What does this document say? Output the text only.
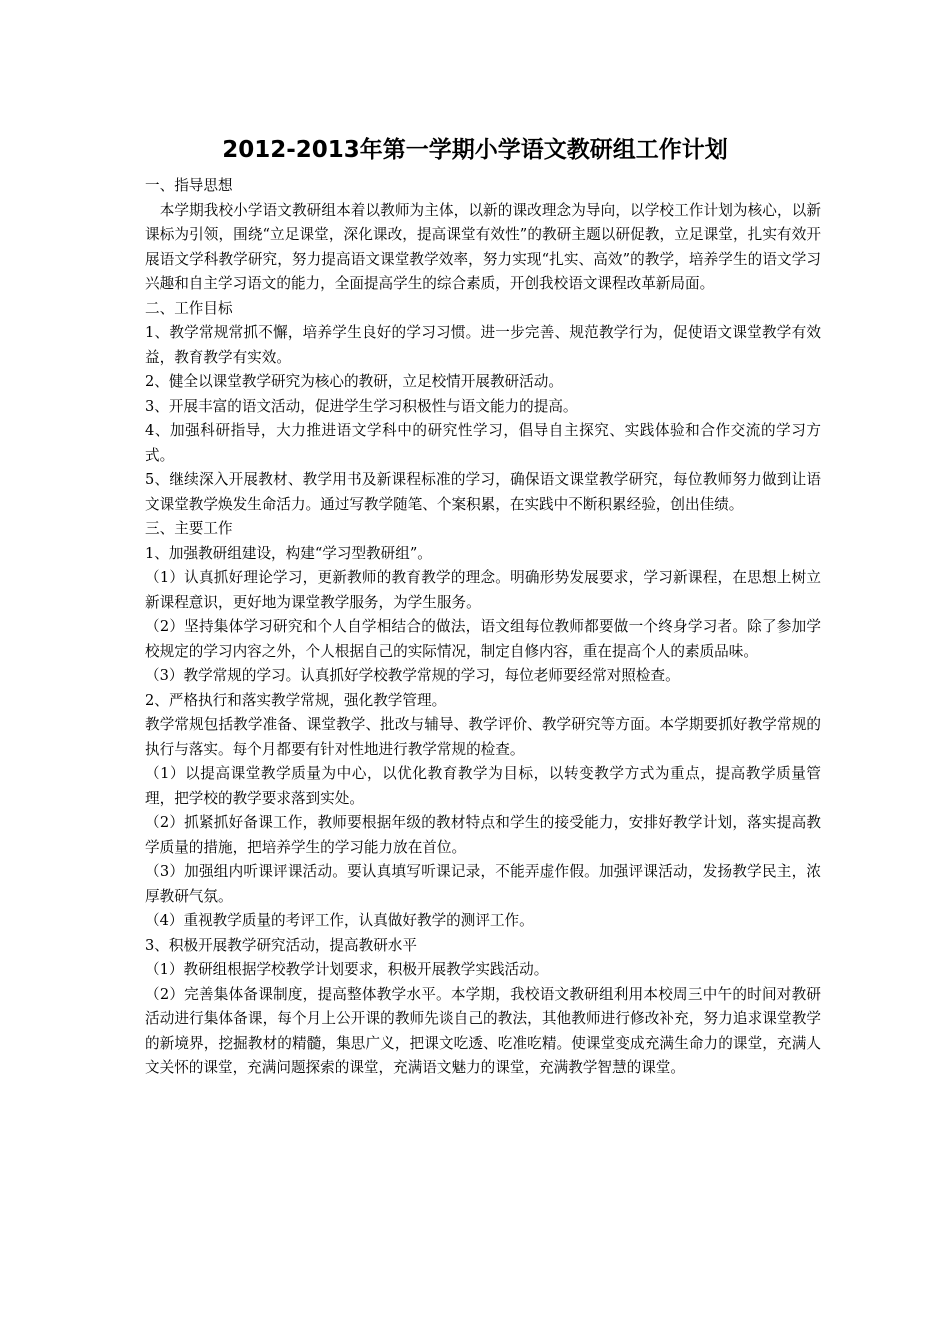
2012-2013年第一学期小学语文教研组工作计划

一、指导思想

　本学期我校小学语文教研组本着以教师为主体，以新的课改理念为导向，以学校工作计划为核心，以新课标为引领，围绕“立足课堂，深化课改，提高课堂有效性”的教研主题以研促教，立足课堂，扎实有效开展语文学科教学研究，努力提高语文课堂教学效率，努力实现“扎实、高效”的教学，培养学生的语文学习兴趣和自主学习语文的能力，全面提高学生的综合素质，开创我校语文课程改革新局面。

二、工作目标

1、教学常规常抓不懈，培养学生良好的学习习惯。进一步完善、规范教学行为，促使语文课堂教学有效益，教育教学有实效。

2、健全以课堂教学研究为核心的教研，立足校情开展教研活动。

3、开展丰富的语文活动，促进学生学习积极性与语文能力的提高。

4、加强科研指导，大力推进语文学科中的研究性学习，倡导自主探究、实践体验和合作交流的学习方式。

5、继续深入开展教材、教学用书及新课程标准的学习，确保语文课堂教学研究，每位教师努力做到让语文课堂教学焕发生命活力。通过写教学随笔、个案积累，在实践中不断积累经验，创出佳绩。

三、主要工作

1、加强教研组建设，构建“学习型教研组”。

（1）认真抓好理论学习，更新教师的教育教学的理念。明确形势发展要求，学习新课程，在思想上树立新课程意识，更好地为课堂教学服务，为学生服务。

（2）坚持集体学习研究和个人自学相结合的做法，语文组每位教师都要做一个终身学习者。除了参加学校规定的学习内容之外，个人根据自己的实际情况，制定自修内容，重在提高个人的素质品味。

（3）教学常规的学习。认真抓好学校教学常规的学习，每位老师要经常对照检查。

2、严格执行和落实教学常规，强化教学管理。

教学常规包括教学准备、课堂教学、批改与辅导、教学评价、教学研究等方面。本学期要抓好教学常规的执行与落实。每个月都要有针对性地进行教学常规的检查。

（1）以提高课堂教学质量为中心，以优化教育教学为目标，以转变教学方式为重点，提高教学质量管理，把学校的教学要求落到实处。

（2）抓紧抓好备课工作，教师要根据年级的教材特点和学生的接受能力，安排好教学计划，落实提高教学质量的措施，把培养学生的学习能力放在首位。

（3）加强组内听课评课活动。要认真填写听课记录，不能弄虚作假。加强评课活动，发扬教学民主，浓厚教研气氛。

（4）重视教学质量的考评工作，认真做好教学的测评工作。

3、积极开展教学研究活动，提高教研水平

（1）教研组根据学校教学计划要求，积极开展教学实践活动。

（2）完善集体备课制度，提高整体教学水平。本学期，我校语文教研组利用本校周三中午的时间对教研活动进行集体备课，每个月上公开课的教师先谈自己的教法，其他教师进行修改补充，努力追求课堂教学的新境界，挖掘教材的精髓，集思广义，把课文吃透、吃准吃精。使课堂变成充满生命力的课堂，充满人文关怀的课堂，充满问题探索的课堂，充满语文魅力的课堂，充满教学智慧的课堂。
